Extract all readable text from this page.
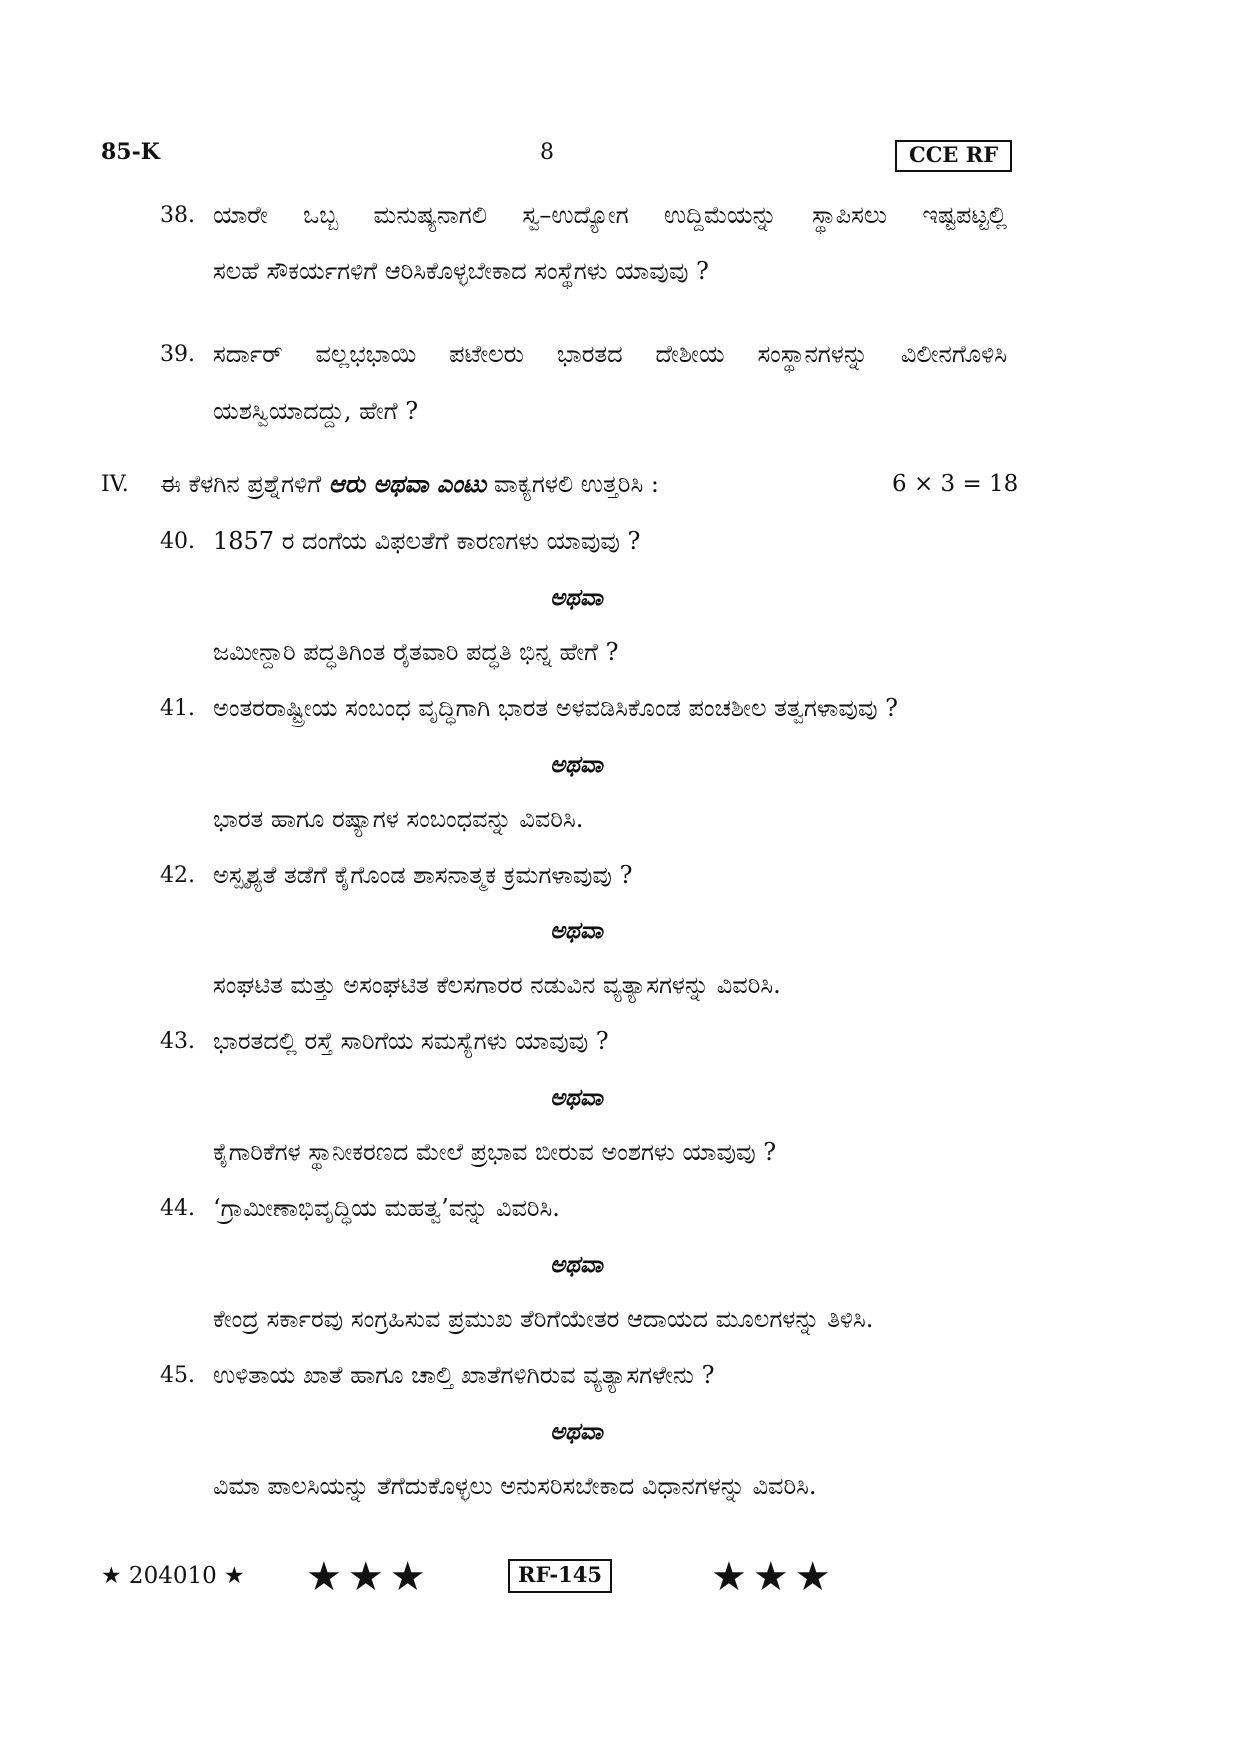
85-K	8	CCE RF
38. ಯಾರೇ ಒಬ್ಬ ಮನುಷ್ಯನಾಗಲಿ ಸ್ವ–ಉದ್ಯೋಗ ಉದ್ದಿಮೆಯನ್ನು ಸ್ಥಾಪಿಸಲು ಇಷ್ಟಪಟ್ಟಲ್ಲಿ
ಸಲಹೆ ಸೌಕರ್ಯಗಳಿಗೆ ಆರಿಸಿಕೊಳ್ಳಬೇಕಾದ ಸಂಸ್ಥೆಗಳು ಯಾವುವು ?
39. ಸರ್ದಾರ್ ವಲ್ಲಭಭಾಯಿ ಪಟೇಲರು ಭಾರತದ ದೇಶೀಯ ಸಂಸ್ಥಾನಗಳನ್ನು ವಿಲೀನಗೊಳಿಸಿ
ಯಶಸ್ವಿಯಾದದ್ದು, ಹೇಗೆ ?
IV. ಈ ಕೆಳಗಿನ ಪ್ರಶ್ನೆಗಳಿಗೆ ಆರು ಅಥವಾ ಎಂಟು ವಾಕ್ಯಗಳಲಿ ಉತ್ತರಿಸಿ :	6 × 3 = 18
40. 1857 ರ ದಂಗೆಯ ವಿಫಲತೆಗೆ ಕಾರಣಗಳು ಯಾವುವು ?
ಅಥವಾ
ಜಮೀನ್ದಾರಿ ಪದ್ಧತಿಗಿಂತ ರೈತವಾರಿ ಪದ್ಧತಿ ಭಿನ್ನ ಹೇಗೆ ?
41. ಅಂತರರಾಷ್ಟ್ರೀಯ ಸಂಬಂಧ ವೃದ್ಧಿಗಾಗಿ ಭಾರತ ಅಳವಡಿಸಿಕೊಂಡ ಪಂಚಶೀಲ ತತ್ವಗಳಾವುವು ?
ಅಥವಾ
ಭಾರತ ಹಾಗೂ ರಷ್ಯಾಗಳ ಸಂಬಂಧವನ್ನು ವಿವರಿಸಿ.
42. ಅಸ್ಪೃಶ್ಯತೆ ತಡೆಗೆ ಕೈಗೊಂಡ ಶಾಸನಾತ್ಮಕ ಕ್ರಮಗಳಾವುವು ?
ಅಥವಾ
ಸಂಘಟಿತ ಮತ್ತು ಅಸಂಘಟಿತ ಕೆಲಸಗಾರರ ನಡುವಿನ ವ್ಯತ್ಯಾಸಗಳನ್ನು ವಿವರಿಸಿ.
43. ಭಾರತದಲ್ಲಿ ರಸ್ತೆ ಸಾರಿಗೆಯ ಸಮಸ್ಯೆಗಳು ಯಾವುವು ?
ಅಥವಾ
ಕೈಗಾರಿಕೆಗಳ ಸ್ಥಾನೀಕರಣದ ಮೇಲೆ ಪ್ರಭಾವ ಬೀರುವ ಅಂಶಗಳು ಯಾವುವು ?
44. ‘ಗ್ರಾಮೀಣಾಭಿವೃದ್ಧಿಯ ಮಹತ್ವ’ವನ್ನು ವಿವರಿಸಿ.
ಅಥವಾ
ಕೇಂದ್ರ ಸರ್ಕಾರವು ಸಂಗ್ರಹಿಸುವ ಪ್ರಮುಖ ತೆರಿಗೆಯೇತರ ಆದಾಯದ ಮೂಲಗಳನ್ನು ತಿಳಿಸಿ.
45. ಉಳಿತಾಯ ಖಾತೆ ಹಾಗೂ ಚಾಲ್ತಿ ಖಾತೆಗಳಿಗಿರುವ ವ್ಯತ್ಯಾಸಗಳೇನು ?
ಅಥವಾ
ವಿಮಾ ಪಾಲಸಿಯನ್ನು ತೆಗೆದುಕೊಳ್ಳಲು ಅನುಸರಿಸಬೇಕಾದ ವಿಧಾನಗಳನ್ನು ವಿವರಿಸಿ.
★ 204010 ★ ★★★	RF-145	★★★
